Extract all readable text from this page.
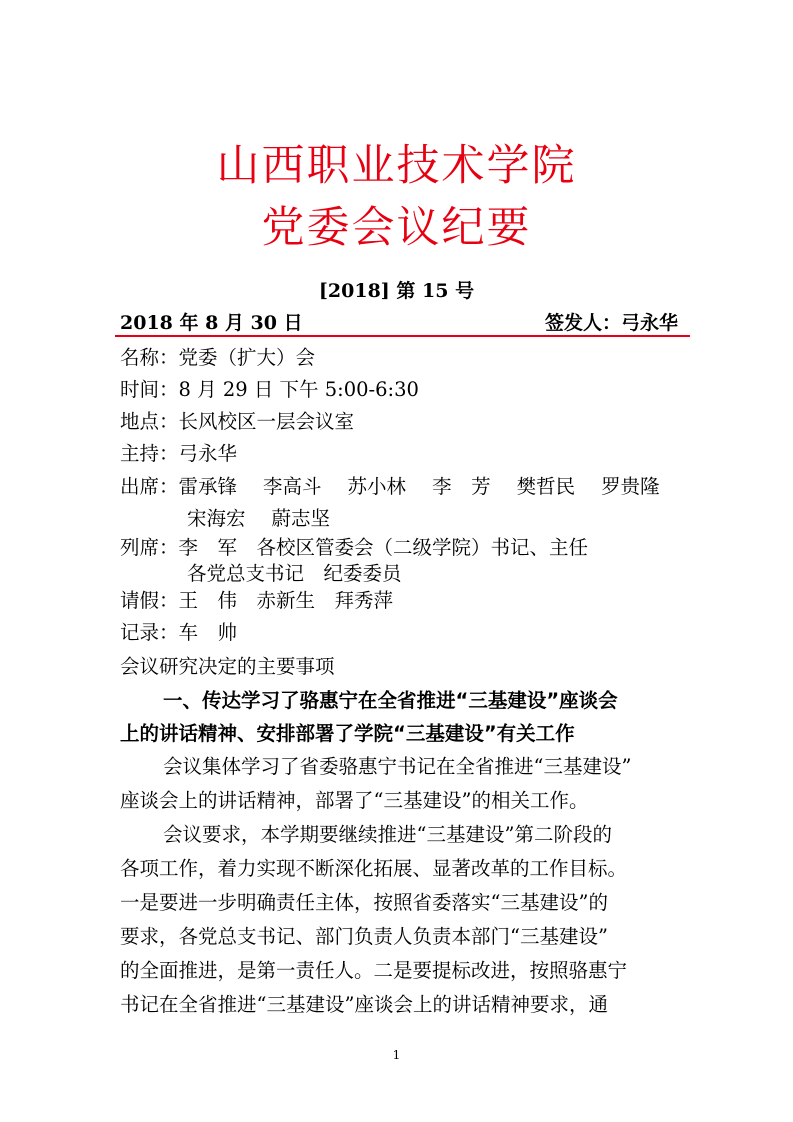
山西职业技术学院
党委会议纪要
[2018] 第 15 号
2018 年 8 月 30 日	签发人：弓永华
名称：党委（扩大）会
时间：8 月 29 日 下午 5:00-6:30
地点：长风校区一层会议室
主持：弓永华
出席：雷承锋 李高斗 苏小林 李　芳 樊哲民 罗贵隆
宋海宏 蔚志坚
列席：李　军　各校区管委会（二级学院）书记、主任
各党总支书记　纪委委员
请假：王　伟　赤新生　拜秀萍
记录：车　帅
会议研究决定的主要事项
一、传达学习了骆惠宁在全省推进“三基建设”座谈会
上的讲话精神、安排部署了学院“三基建设”有关工作
会议集体学习了省委骆惠宁书记在全省推进“三基建设”
座谈会上的讲话精神，部署了“三基建设”的相关工作。
会议要求，本学期要继续推进“三基建设”第二阶段的
各项工作，着力实现不断深化拓展、显著改革的工作目标。
一是要进一步明确责任主体，按照省委落实“三基建设”的
要求，各党总支书记、部门负责人负责本部门“三基建设”
的全面推进，是第一责任人。二是要提标改进，按照骆惠宁
书记在全省推进“三基建设”座谈会上的讲话精神要求，通
1
